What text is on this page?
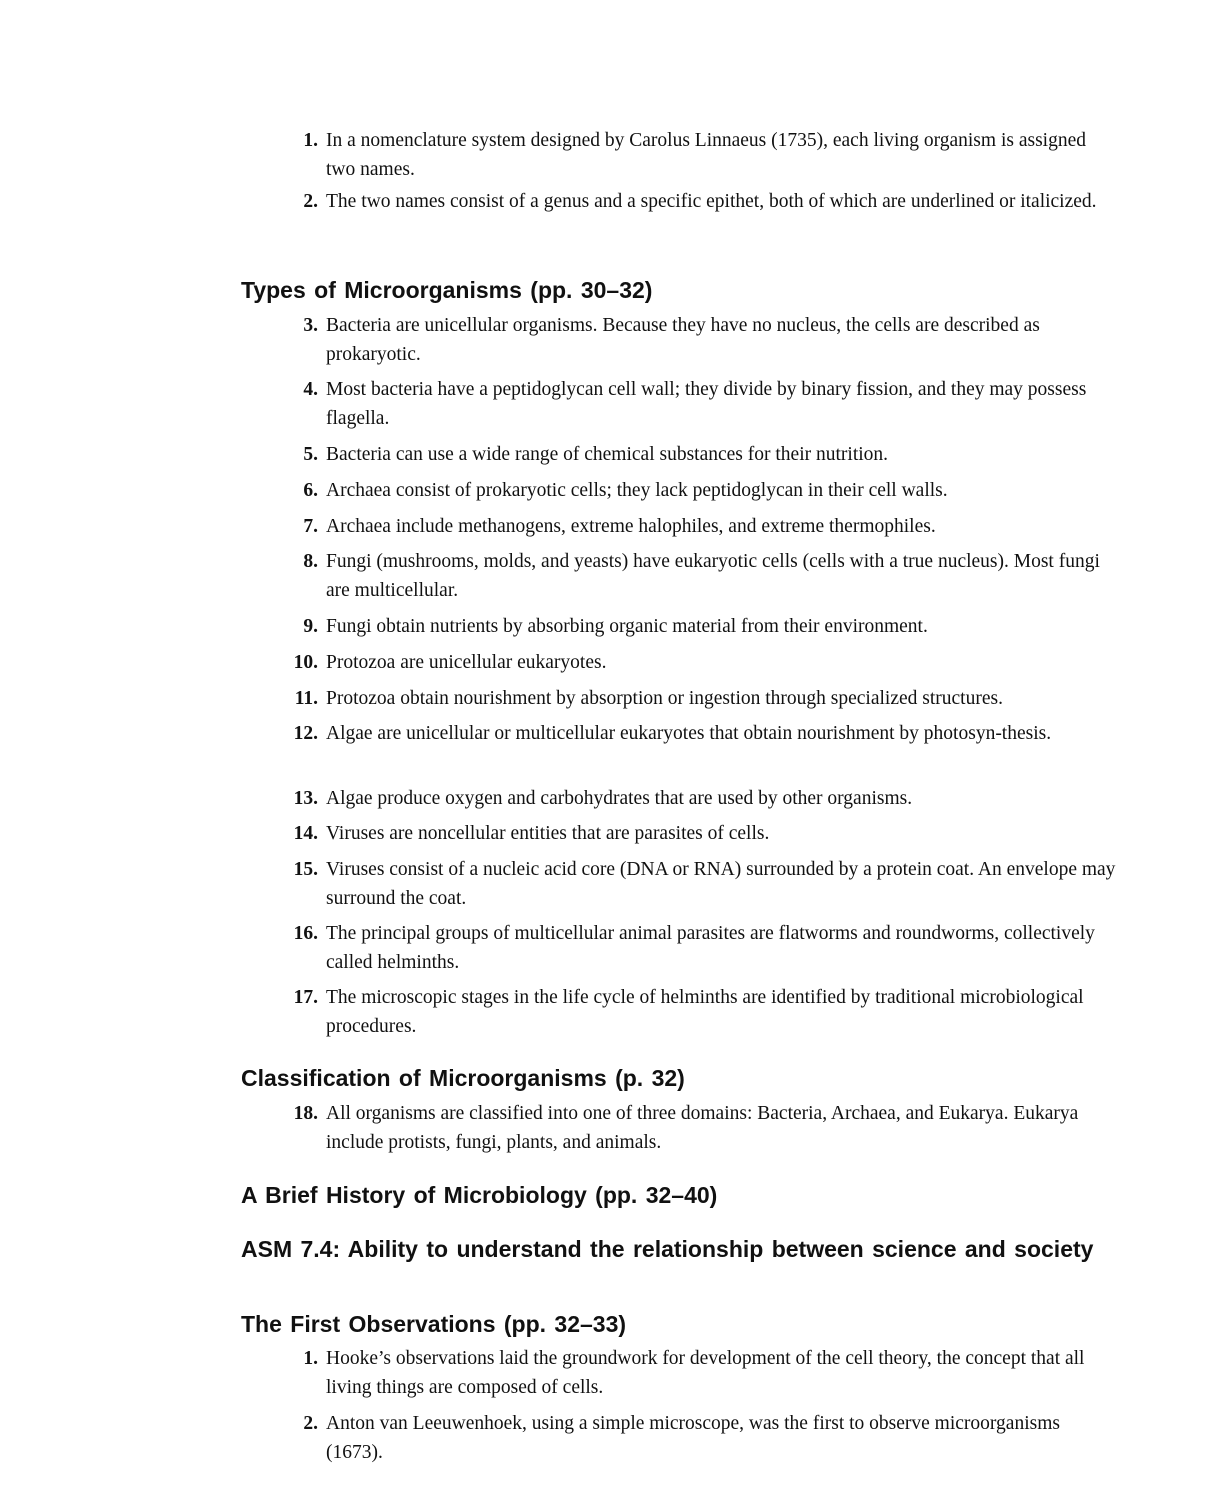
1. In a nomenclature system designed by Carolus Linnaeus (1735), each living organism is assigned two names.
2. The two names consist of a genus and a specific epithet, both of which are underlined or italicized.
Types of Microorganisms (pp. 30–32)
3. Bacteria are unicellular organisms. Because they have no nucleus, the cells are described as prokaryotic.
4. Most bacteria have a peptidoglycan cell wall; they divide by binary fission, and they may possess flagella.
5. Bacteria can use a wide range of chemical substances for their nutrition.
6. Archaea consist of prokaryotic cells; they lack peptidoglycan in their cell walls.
7. Archaea include methanogens, extreme halophiles, and extreme thermophiles.
8. Fungi (mushrooms, molds, and yeasts) have eukaryotic cells (cells with a true nucleus). Most fungi are multicellular.
9. Fungi obtain nutrients by absorbing organic material from their environment.
10. Protozoa are unicellular eukaryotes.
11. Protozoa obtain nourishment by absorption or ingestion through specialized structures.
12. Algae are unicellular or multicellular eukaryotes that obtain nourishment by photosyn-thesis.
13. Algae produce oxygen and carbohydrates that are used by other organisms.
14. Viruses are noncellular entities that are parasites of cells.
15. Viruses consist of a nucleic acid core (DNA or RNA) surrounded by a protein coat. An envelope may surround the coat.
16. The principal groups of multicellular animal parasites are flatworms and roundworms, collectively called helminths.
17. The microscopic stages in the life cycle of helminths are identified by traditional microbiological procedures.
Classification of Microorganisms (p. 32)
18. All organisms are classified into one of three domains: Bacteria, Archaea, and Eukarya. Eukarya include protists, fungi, plants, and animals.
A Brief History of Microbiology (pp. 32–40)
ASM 7.4: Ability to understand the relationship between science and society
The First Observations (pp. 32–33)
1. Hooke’s observations laid the groundwork for development of the cell theory, the concept that all living things are composed of cells.
2. Anton van Leeuwenhoek, using a simple microscope, was the first to observe microorganisms (1673).
